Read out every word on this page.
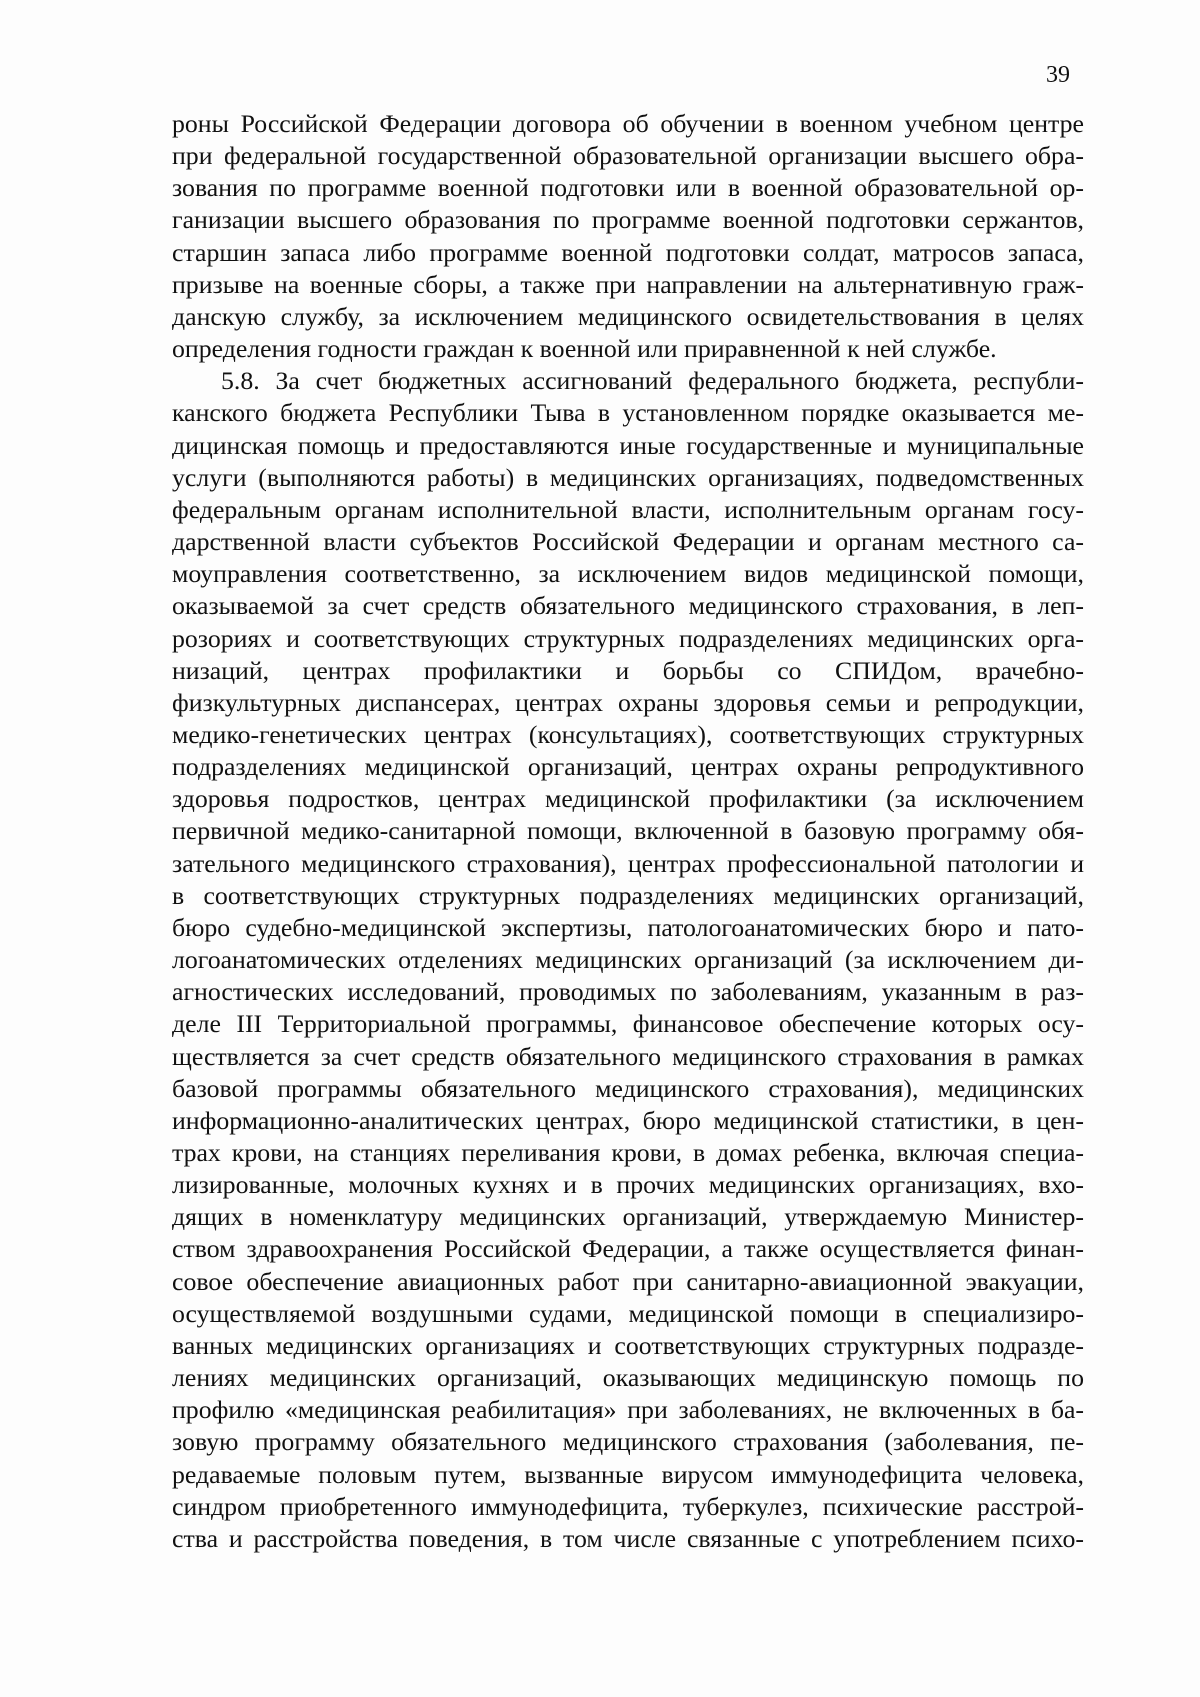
39
роны Российской Федерации договора об обучении в военном учебном центре
при федеральной государственной образовательной организации высшего обра-
зования по программе военной подготовки или в военной образовательной ор-
ганизации высшего образования по программе военной подготовки сержантов,
старшин запаса либо программе военной подготовки солдат, матросов запаса,
призыве на военные сборы, а также при направлении на альтернативную граж-
данскую службу, за исключением медицинского освидетельствования в целях
определения годности граждан к военной или приравненной к ней службе.
5.8. За счет бюджетных ассигнований федерального бюджета, республи-
канского бюджета Республики Тыва в установленном порядке оказывается ме-
дицинская помощь и предоставляются иные государственные и муниципальные
услуги (выполняются работы) в медицинских организациях, подведомственных
федеральным органам исполнительной власти, исполнительным органам госу-
дарственной власти субъектов Российской Федерации и органам местного са-
моуправления соответственно, за исключением видов медицинской помощи,
оказываемой за счет средств обязательного медицинского страхования, в леп-
розориях и соответствующих структурных подразделениях медицинских орга-
низаций, центрах профилактики и борьбы со СПИДом, врачебно-
физкультурных диспансерах, центрах охраны здоровья семьи и репродукции,
медико-генетических центрах (консультациях), соответствующих структурных
подразделениях медицинской организаций, центрах охраны репродуктивного
здоровья подростков, центрах медицинской профилактики (за исключением
первичной медико-санитарной помощи, включенной в базовую программу обя-
зательного медицинского страхования), центрах профессиональной патологии и
в соответствующих структурных подразделениях медицинских организаций,
бюро судебно-медицинской экспертизы, патологоанатомических бюро и пато-
логоанатомических отделениях медицинских организаций (за исключением ди-
агностических исследований, проводимых по заболеваниям, указанным в раз-
деле III Территориальной программы, финансовое обеспечение которых осу-
ществляется за счет средств обязательного медицинского страхования в рамках
базовой программы обязательного медицинского страхования), медицинских
информационно-аналитических центрах, бюро медицинской статистики, в цен-
трах крови, на станциях переливания крови, в домах ребенка, включая специа-
лизированные, молочных кухнях и в прочих медицинских организациях, вхо-
дящих в номенклатуру медицинских организаций, утверждаемую Министер-
ством здравоохранения Российской Федерации, а также осуществляется финан-
совое обеспечение авиационных работ при санитарно-авиационной эвакуации,
осуществляемой воздушными судами, медицинской помощи в специализиро-
ванных медицинских организациях и соответствующих структурных подразде-
лениях медицинских организаций, оказывающих медицинскую помощь по
профилю «медицинская реабилитация» при заболеваниях, не включенных в ба-
зовую программу обязательного медицинского страхования (заболевания, пе-
редаваемые половым путем, вызванные вирусом иммунодефицита человека,
синдром приобретенного иммунодефицита, туберкулез, психические расстрой-
ства и расстройства поведения, в том числе связанные с употреблением психо-
